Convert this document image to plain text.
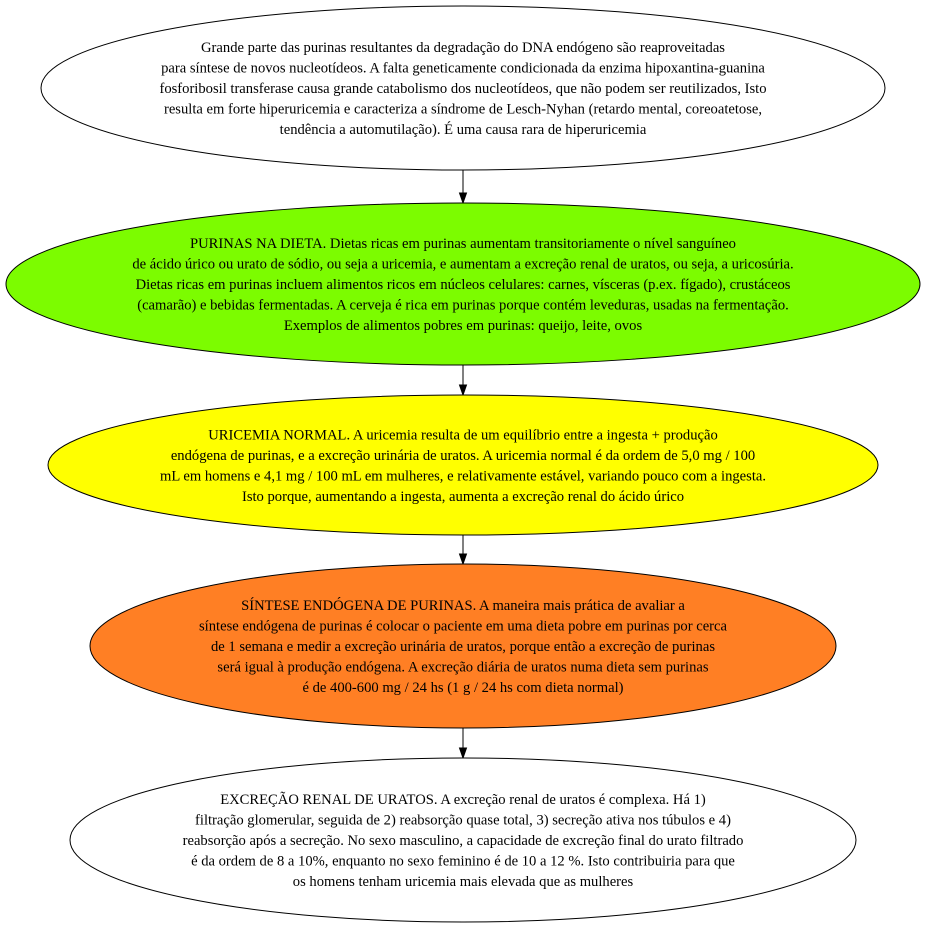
Grande parte das purinas resultantes da degradação do DNA endógeno são reaproveitadas
para síntese de novos nucleotídeos. A falta geneticamente condicionada da enzima hipoxantina-guanina
fosforibosil transferase causa grande catabolismo dos nucleotídeos, que não podem ser reutilizados, Isto
resulta em forte hiperuricemia e caracteriza a síndrome de Lesch-Nyhan (retardo mental, coreoatetose,
tendência a automutilação). É uma causa rara de hiperuricemia
PURINAS NA DIETA. Dietas ricas em purinas aumentam transitoriamente o nível sanguíneo
de ácido úrico ou urato de sódio, ou seja a uricemia, e aumentam a excreção renal de uratos, ou seja, a uricosúria.
Dietas ricas em purinas incluem alimentos ricos em núcleos celulares: carnes, vísceras (p.ex. fígado), crustáceos
(camarão) e bebidas fermentadas. A cerveja é rica em purinas porque contém leveduras, usadas na fermentação.
Exemplos de alimentos pobres em purinas: queijo, leite, ovos
URICEMIA NORMAL. A uricemia resulta de um equilíbrio entre a ingesta + produção
endógena de purinas, e a excreção urinária de uratos. A uricemia normal é da ordem de 5,0 mg / 100
mL em homens e 4,1 mg / 100 mL em mulheres, e relativamente estável, variando pouco com a ingesta.
Isto porque, aumentando a ingesta, aumenta a excreção renal do ácido úrico
SÍNTESE ENDÓGENA DE PURINAS. A maneira mais prática de avaliar a
síntese endógena de purinas é colocar o paciente em uma dieta pobre em purinas por cerca
de 1 semana e medir a excreção urinária de uratos, porque então a excreção de purinas
será igual à produção endógena. A excreção diária de uratos numa dieta sem purinas
é de 400-600 mg / 24 hs (1 g / 24 hs com dieta normal)
EXCREÇÃO RENAL DE URATOS. A excreção renal de uratos é complexa. Há 1)
filtração glomerular, seguida de 2) reabsorção quase total, 3) secreção ativa nos túbulos e 4)
reabsorção após a secreção. No sexo masculino, a capacidade de excreção final do urato filtrado
é da ordem de 8 a 10%, enquanto no sexo feminino é de 10 a 12 %. Isto contribuiria para que
os homens tenham uricemia mais elevada que as mulheres
